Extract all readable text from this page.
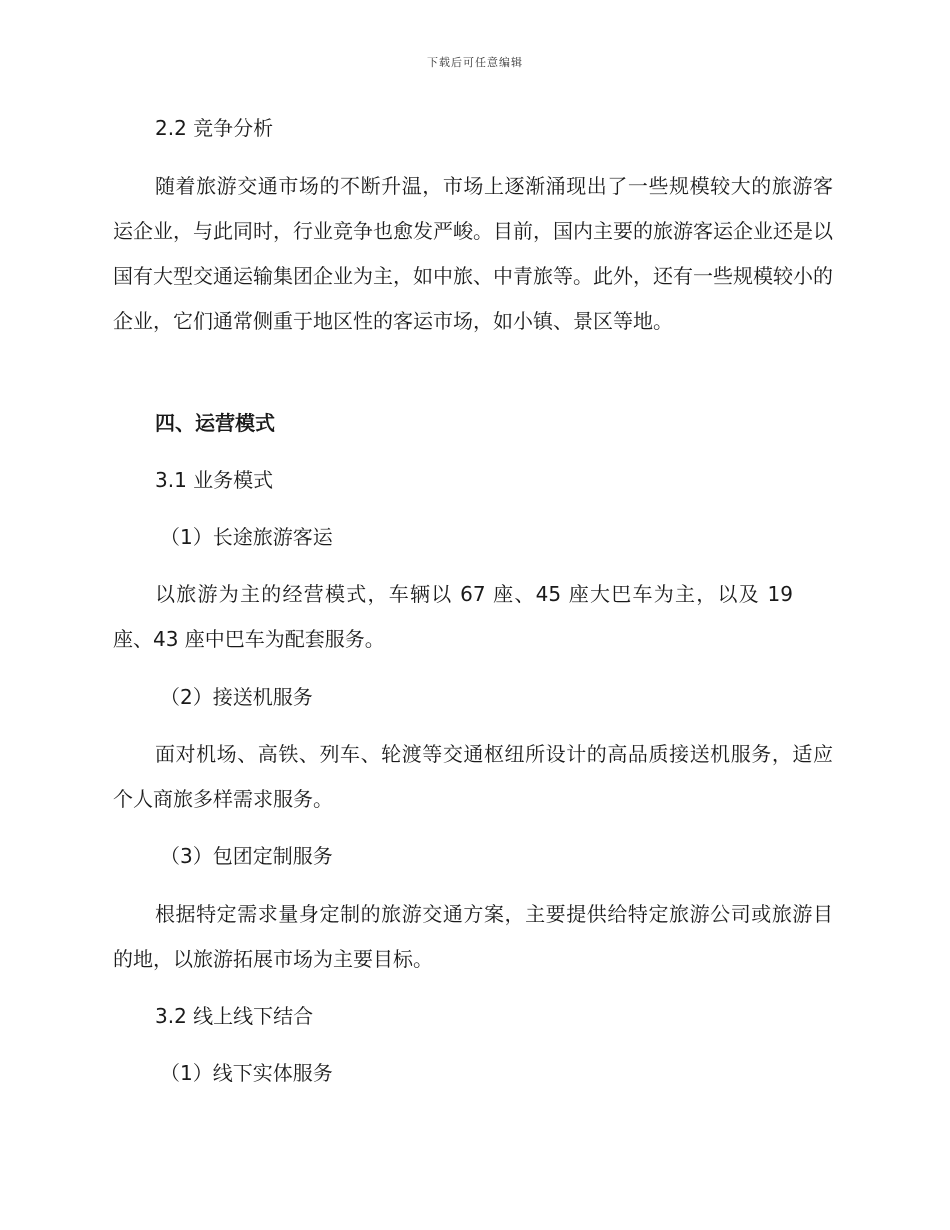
下载后可任意编辑
2.2 竞争分析

随着旅游交通市场的不断升温，市场上逐渐涌现出了一些规模较大的旅游客运企业，与此同时，行业竞争也愈发严峻。目前，国内主要的旅游客运企业还是以国有大型交通运输集团企业为主，如中旅、中青旅等。此外，还有一些规模较小的企业，它们通常侧重于地区性的客运市场，如小镇、景区等地。

四、运营模式
3.1 业务模式
（1）长途旅游客运

以旅游为主的经营模式，车辆以 67 座、45 座大巴车为主，以及 19 座、43 座中巴车为配套服务。

（2）接送机服务

面对机场、高铁、列车、轮渡等交通枢纽所设计的高品质接送机服务，适应个人商旅多样需求服务。

（3）包团定制服务

根据特定需求量身定制的旅游交通方案，主要提供给特定旅游公司或旅游目的地，以旅游拓展市场为主要目标。

3.2 线上线下结合
（1）线下实体服务
